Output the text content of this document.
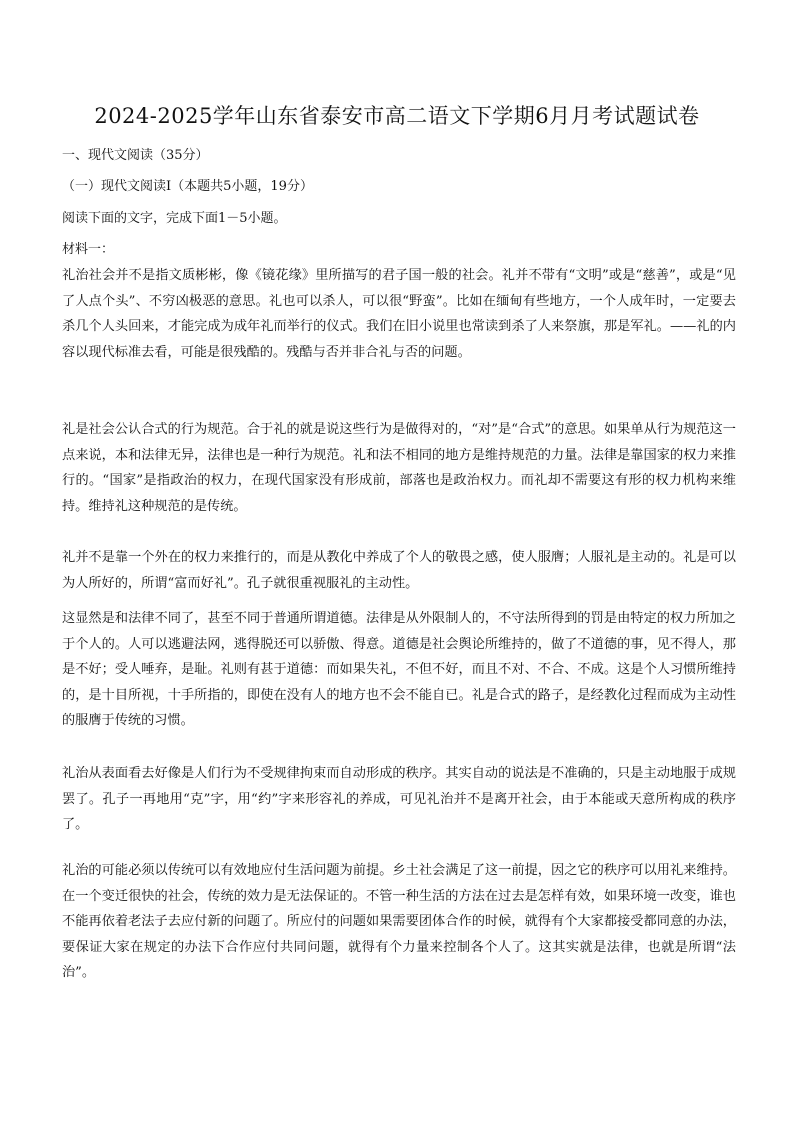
2024-2025学年山东省泰安市高二语文下学期6月月考试题试卷

一、现代文阅读（35分）

（一）现代文阅读Ⅰ（本题共5小题，19分）

阅读下面的文字，完成下面1－5小题。

材料一：

礼治社会并不是指文质彬彬，像《镜花缘》里所描写的君子国一般的社会。礼并不带有“文明”或是“慈善”，或是“见了人点个头”、不穷凶极恶的意思。礼也可以杀人，可以很“野蛮”。比如在缅甸有些地方，一个人成年时，一定要去杀几个人头回来，才能完成为成年礼而举行的仪式。我们在旧小说里也常读到杀了人来祭旗，那是军礼。——礼的内容以现代标准去看，可能是很残酷的。残酷与否并非合礼与否的问题。

礼是社会公认合式的行为规范。合于礼的就是说这些行为是做得对的，“对”是“合式”的意思。如果单从行为规范这一点来说，本和法律无异，法律也是一种行为规范。礼和法不相同的地方是维持规范的力量。法律是靠国家的权力来推行的。“国家”是指政治的权力，在现代国家没有形成前，部落也是政治权力。而礼却不需要这有形的权力机构来维持。维持礼这种规范的是传统。

礼并不是靠一个外在的权力来推行的，而是从教化中养成了个人的敬畏之感，使人服膺；人服礼是主动的。礼是可以为人所好的，所谓“富而好礼”。孔子就很重视服礼的主动性。

这显然是和法律不同了，甚至不同于普通所谓道德。法律是从外限制人的，不守法所得到的罚是由特定的权力所加之于个人的。人可以逃避法网，逃得脱还可以骄傲、得意。道德是社会舆论所维持的，做了不道德的事，见不得人，那是不好；受人唾弃，是耻。礼则有甚于道德：而如果失礼，不但不好，而且不对、不合、不成。这是个人习惯所维持的，是十目所视，十手所指的，即使在没有人的地方也不会不能自已。礼是合式的路子，是经教化过程而成为主动性的服膺于传统的习惯。

礼治从表面看去好像是人们行为不受规律拘束而自动形成的秩序。其实自动的说法是不准确的，只是主动地服于成规罢了。孔子一再地用“克”字，用“约”字来形容礼的养成，可见礼治并不是离开社会，由于本能或天意所构成的秩序了。

礼治的可能必须以传统可以有效地应付生活问题为前提。乡土社会满足了这一前提，因之它的秩序可以用礼来维持。在一个变迁很快的社会，传统的效力是无法保证的。不管一种生活的方法在过去是怎样有效，如果环境一改变，谁也不能再依着老法子去应付新的问题了。所应付的问题如果需要团体合作的时候，就得有个大家都接受都同意的办法，要保证大家在规定的办法下合作应付共同问题，就得有个力量来控制各个人了。这其实就是法律，也就是所谓“法治”。
